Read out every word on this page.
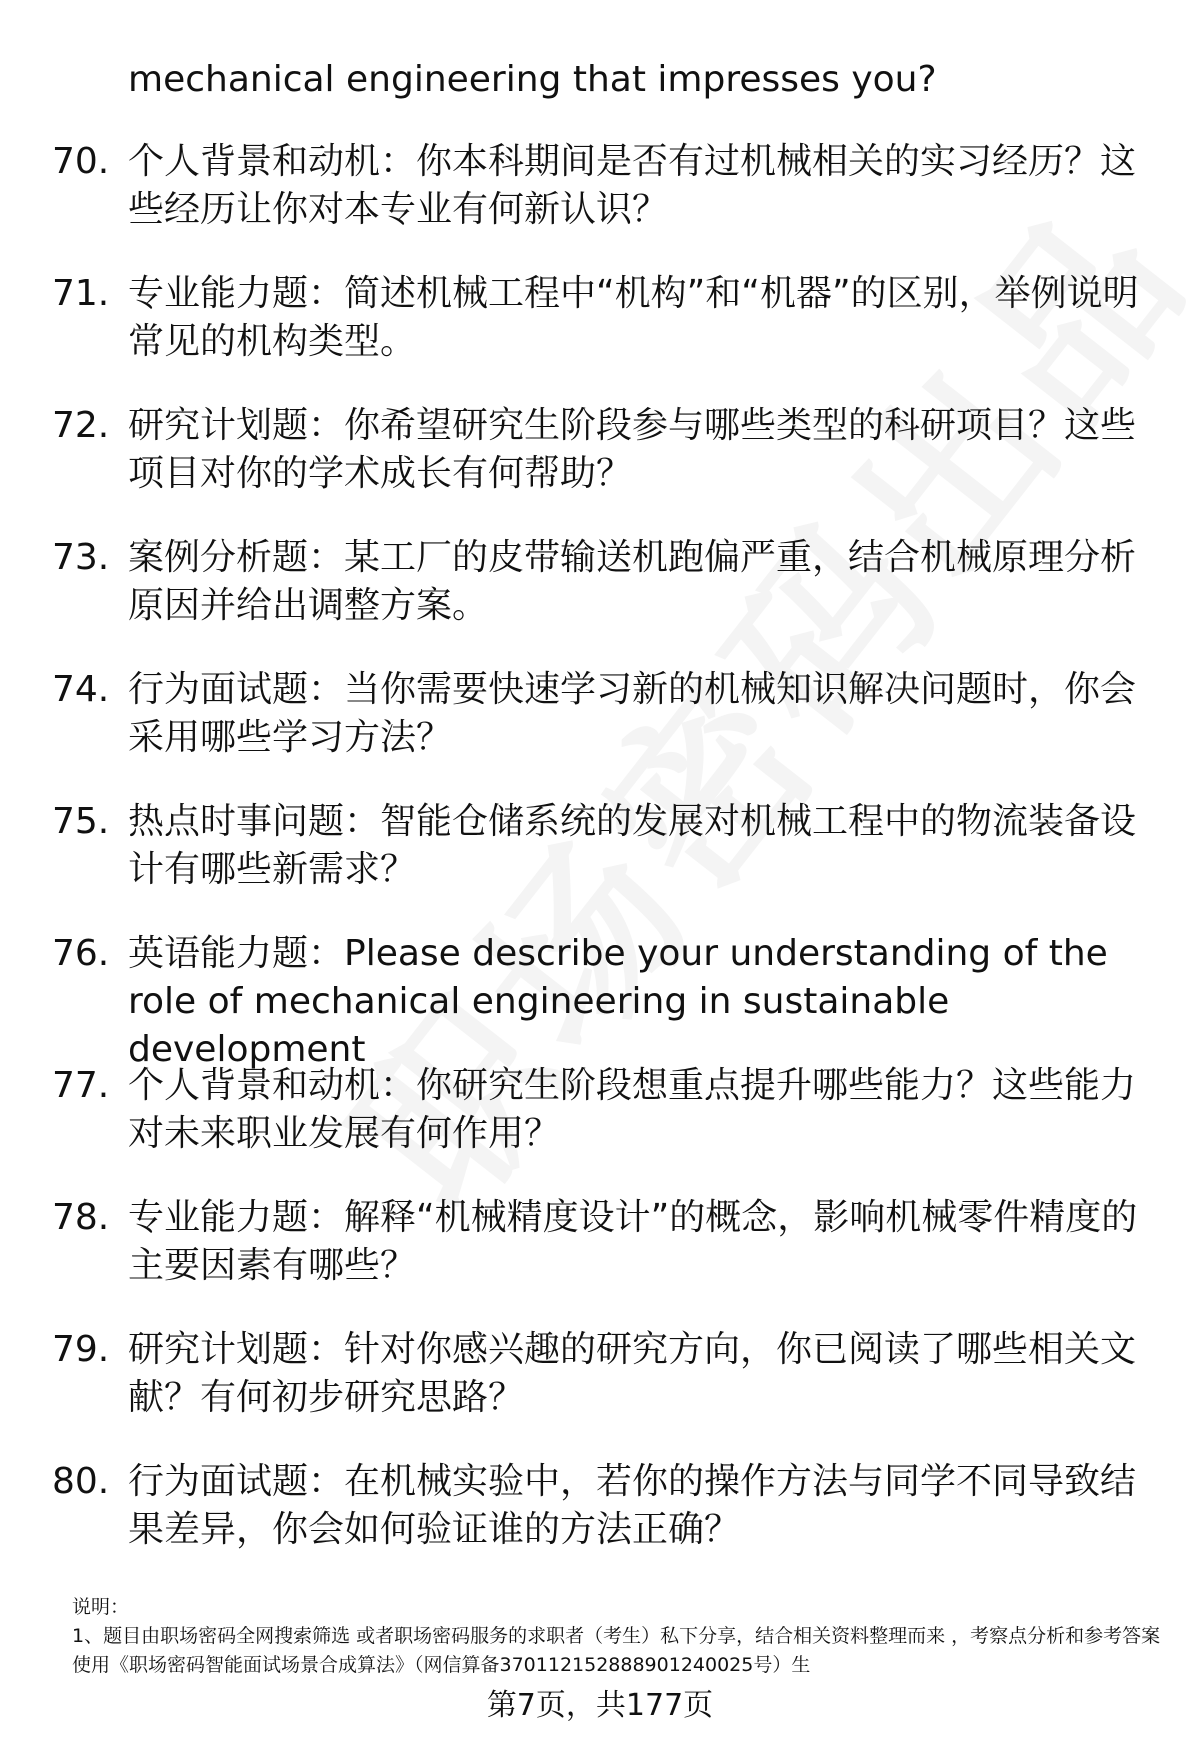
mechanical engineering that impresses you?
70. 个人背景和动机：你本科期间是否有过机械相关的实习经历？这些经历让你对本专业有何新认识？
71. 专业能力题：简述机械工程中“机构”和“机器”的区别，举例说明常见的机构类型。
72. 研究计划题：你希望研究生阶段参与哪些类型的科研项目？这些项目对你的学术成长有何帮助？
73. 案例分析题：某工厂的皮带输送机跑偏严重，结合机械原理分析原因并给出调整方案。
74. 行为面试题：当你需要快速学习新的机械知识解决问题时，你会采用哪些学习方法？
75. 热点时事问题：智能仓储系统的发展对机械工程中的物流装备设计有哪些新需求？
76. 英语能力题：Please describe your understanding of the role of mechanical engineering in sustainable development
77. 个人背景和动机：你研究生阶段想重点提升哪些能力？这些能力对未来职业发展有何作用？
78. 专业能力题：解释“机械精度设计”的概念，影响机械零件精度的主要因素有哪些？
79. 研究计划题：针对你感兴趣的研究方向，你已阅读了哪些相关文献？有何初步研究思路？
80. 行为面试题：在机械实验中，若你的操作方法与同学不同导致结果差异，你会如何验证谁的方法正确？
说明：
1、题目由职场密码全网搜索筛选 或者职场密码服务的求职者（考生）私下分享，结合相关资料整理而来 ，考察点分析和参考答案使用《职场密码智能面试场景合成算法》（网信算备370112152888901240025号）生
第7页，共177页
